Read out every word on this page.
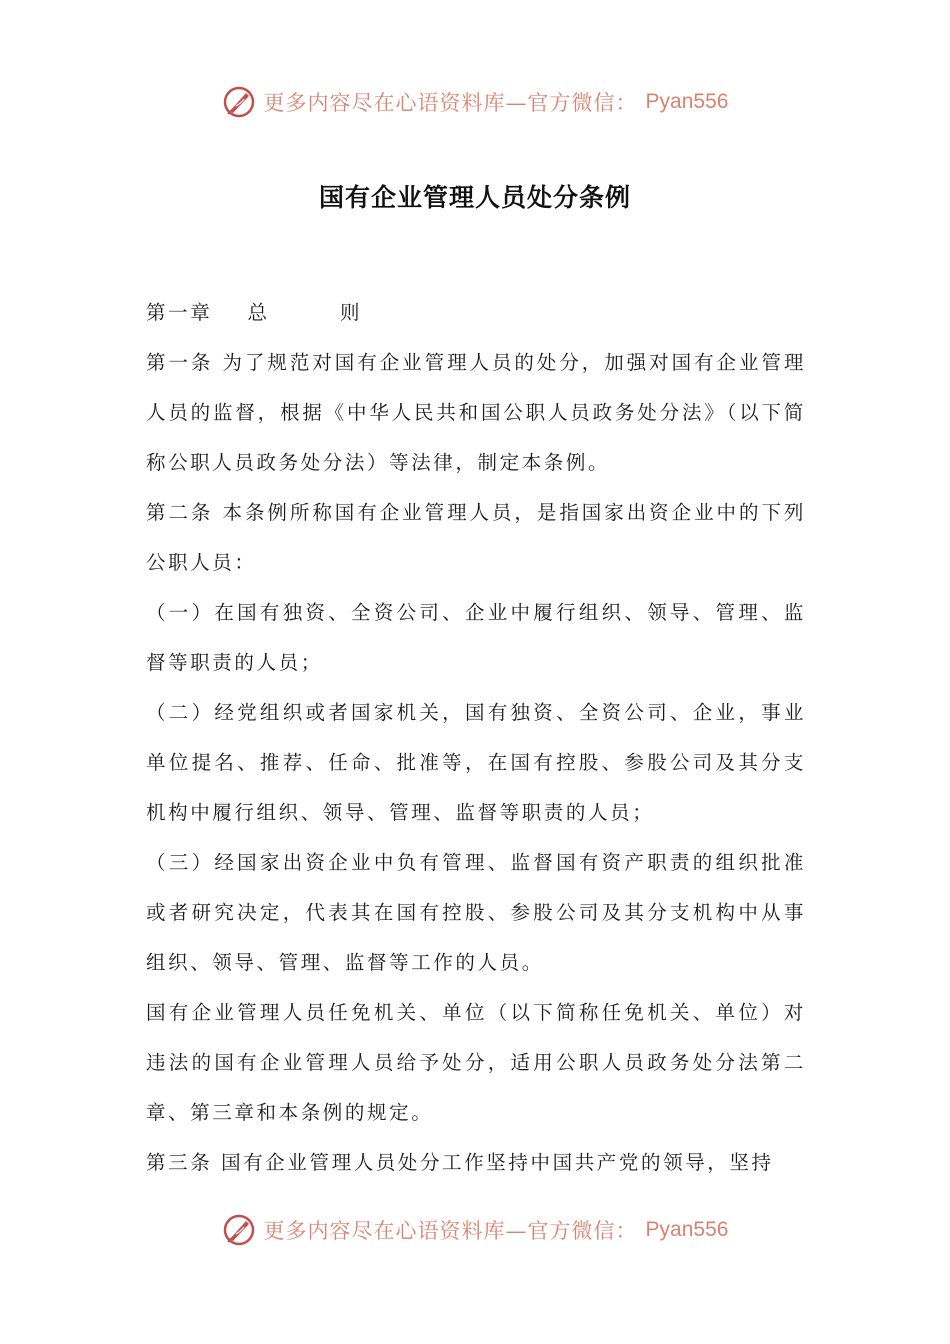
更多内容尽在心语资料库—官方微信： Pyan556
国有企业管理人员处分条例

第一章    总        则

第一条 为了规范对国有企业管理人员的处分，加强对国有企业管理人员的监督，根据《中华人民共和国公职人员政务处分法》（以下简称公职人员政务处分法）等法律，制定本条例。

第二条 本条例所称国有企业管理人员，是指国家出资企业中的下列公职人员：

（一）在国有独资、全资公司、企业中履行组织、领导、管理、监督等职责的人员；

（二）经党组织或者国家机关，国有独资、全资公司、企业，事业单位提名、推荐、任命、批准等，在国有控股、参股公司及其分支机构中履行组织、领导、管理、监督等职责的人员；

（三）经国家出资企业中负有管理、监督国有资产职责的组织批准或者研究决定，代表其在国有控股、参股公司及其分支机构中从事组织、领导、管理、监督等工作的人员。

国有企业管理人员任免机关、单位（以下简称任免机关、单位）对违法的国有企业管理人员给予处分，适用公职人员政务处分法第二章、第三章和本条例的规定。

第三条 国有企业管理人员处分工作坚持中国共产党的领导，坚持

更多内容尽在心语资料库—官方微信： Pyan556
